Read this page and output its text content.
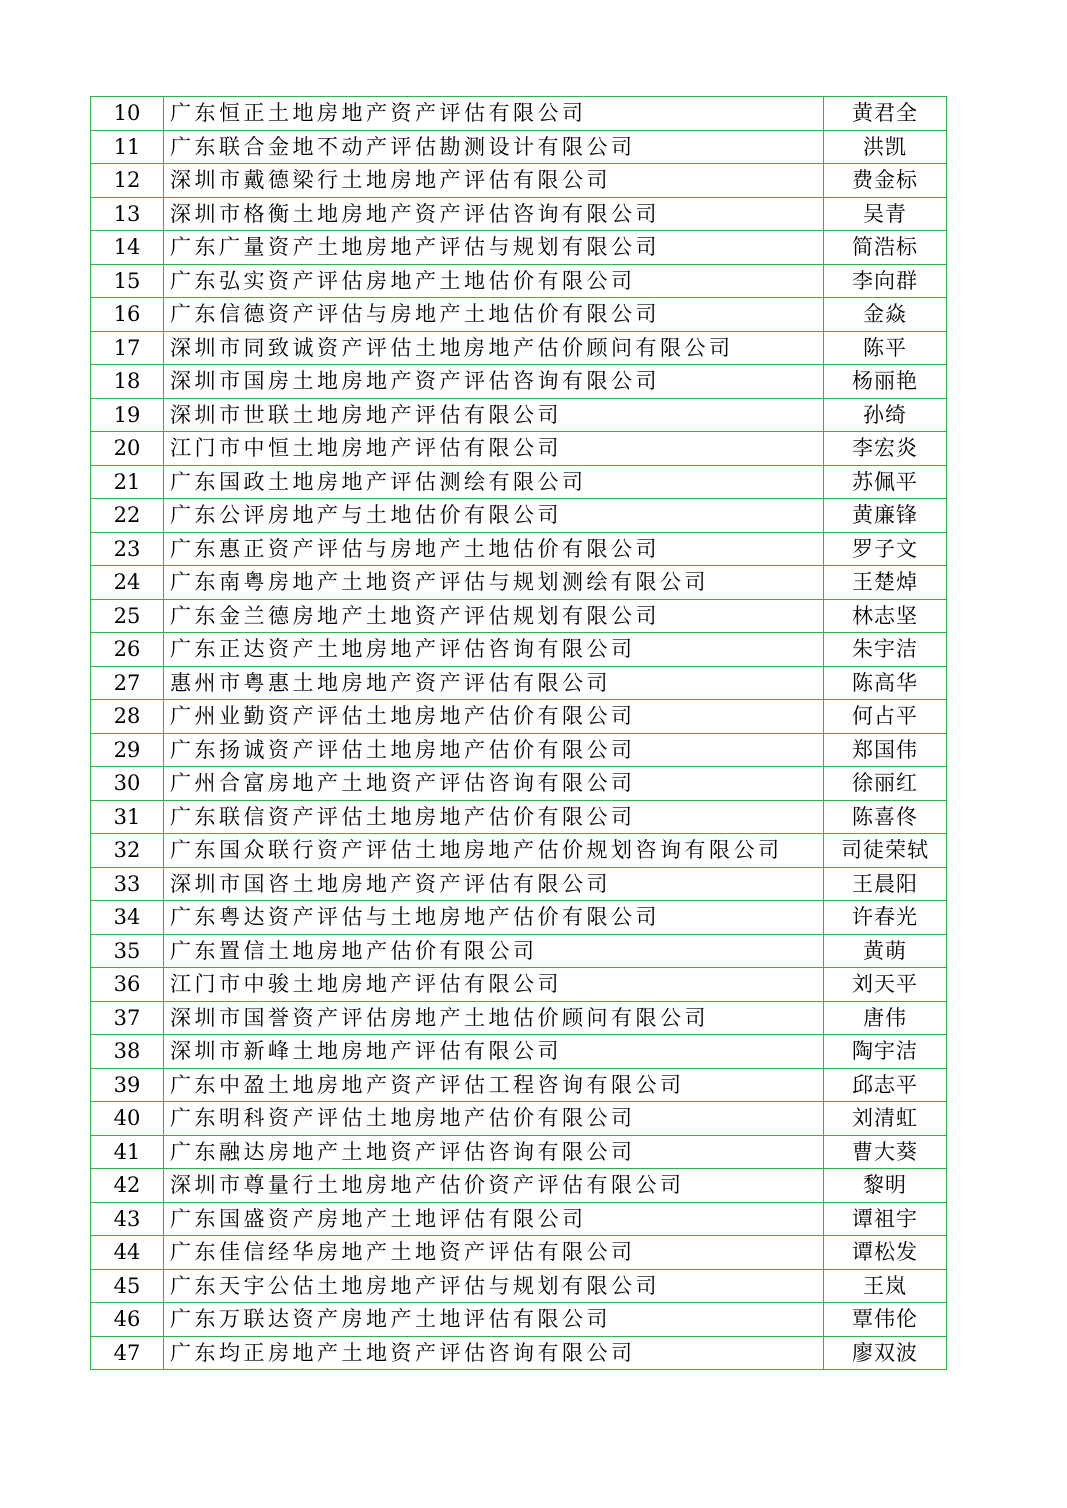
10	广东恒正土地房地产资产评估有限公司	黄君全
11	广东联合金地不动产评估勘测设计有限公司	洪凯
12	深圳市戴德梁行土地房地产评估有限公司	费金标
13	深圳市格衡土地房地产资产评估咨询有限公司	吴青
14	广东广量资产土地房地产评估与规划有限公司	简浩标
15	广东弘实资产评估房地产土地估价有限公司	李向群
16	广东信德资产评估与房地产土地估价有限公司	金焱
17	深圳市同致诚资产评估土地房地产估价顾问有限公司	陈平
18	深圳市国房土地房地产资产评估咨询有限公司	杨丽艳
19	深圳市世联土地房地产评估有限公司	孙绮
20	江门市中恒土地房地产评估有限公司	李宏炎
21	广东国政土地房地产评估测绘有限公司	苏佩平
22	广东公评房地产与土地估价有限公司	黄廉锋
23	广东惠正资产评估与房地产土地估价有限公司	罗子文
24	广东南粤房地产土地资产评估与规划测绘有限公司	王楚焯
25	广东金兰德房地产土地资产评估规划有限公司	林志坚
26	广东正达资产土地房地产评估咨询有限公司	朱宇洁
27	惠州市粤惠土地房地产资产评估有限公司	陈高华
28	广州业勤资产评估土地房地产估价有限公司	何占平
29	广东扬诚资产评估土地房地产估价有限公司	郑国伟
30	广州合富房地产土地资产评估咨询有限公司	徐丽红
31	广东联信资产评估土地房地产估价有限公司	陈喜佟
32	广东国众联行资产评估土地房地产估价规划咨询有限公司	司徒荣轼
33	深圳市国咨土地房地产资产评估有限公司	王晨阳
34	广东粤达资产评估与土地房地产估价有限公司	许春光
35	广东置信土地房地产估价有限公司	黄萌
36	江门市中骏土地房地产评估有限公司	刘天平
37	深圳市国誉资产评估房地产土地估价顾问有限公司	唐伟
38	深圳市新峰土地房地产评估有限公司	陶宇洁
39	广东中盈土地房地产资产评估工程咨询有限公司	邱志平
40	广东明科资产评估土地房地产估价有限公司	刘清虹
41	广东融达房地产土地资产评估咨询有限公司	曹大葵
42	深圳市尊量行土地房地产估价资产评估有限公司	黎明
43	广东国盛资产房地产土地评估有限公司	谭祖宇
44	广东佳信经华房地产土地资产评估有限公司	谭松发
45	广东天宇公估土地房地产评估与规划有限公司	王岚
46	广东万联达资产房地产土地评估有限公司	覃伟伦
47	广东均正房地产土地资产评估咨询有限公司	廖双波
